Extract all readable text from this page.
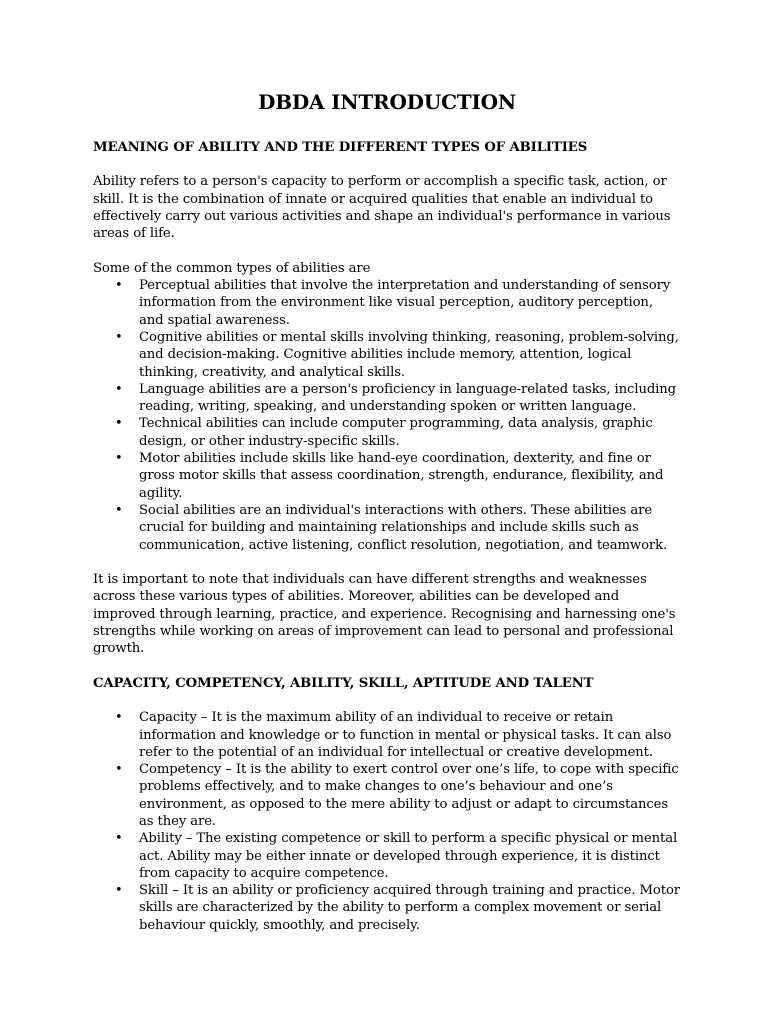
DBDA INTRODUCTION
MEANING OF ABILITY AND THE DIFFERENT TYPES OF ABILITIES

Ability refers to a person's capacity to perform or accomplish a specific task, action, or skill. It is the combination of innate or acquired qualities that enable an individual to effectively carry out various activities and shape an individual's performance in various areas of life.

Some of the common types of abilities are

• Perceptual abilities that involve the interpretation and understanding of sensory information from the environment like visual perception, auditory perception, and spatial awareness.
• Cognitive abilities or mental skills involving thinking, reasoning, problem-solving, and decision-making. Cognitive abilities include memory, attention, logical thinking, creativity, and analytical skills.
• Language abilities are a person's proficiency in language-related tasks, including reading, writing, speaking, and understanding spoken or written language.
• Technical abilities can include computer programming, data analysis, graphic design, or other industry-specific skills.
• Motor abilities include skills like hand-eye coordination, dexterity, and fine or gross motor skills that assess coordination, strength, endurance, flexibility, and agility.
• Social abilities are an individual's interactions with others. These abilities are crucial for building and maintaining relationships and include skills such as communication, active listening, conflict resolution, negotiation, and teamwork.

It is important to note that individuals can have different strengths and weaknesses across these various types of abilities. Moreover, abilities can be developed and improved through learning, practice, and experience. Recognising and harnessing one's strengths while working on areas of improvement can lead to personal and professional growth.

CAPACITY, COMPETENCY, ABILITY, SKILL, APTITUDE AND TALENT
• Capacity – It is the maximum ability of an individual to receive or retain information and knowledge or to function in mental or physical tasks. It can also refer to the potential of an individual for intellectual or creative development.
• Competency – It is the ability to exert control over one’s life, to cope with specific problems effectively, and to make changes to one’s behaviour and one’s environment, as opposed to the mere ability to adjust or adapt to circumstances as they are.
• Ability – The existing competence or skill to perform a specific physical or mental act. Ability may be either innate or developed through experience, it is distinct from capacity to acquire competence.
• Skill – It is an ability or proficiency acquired through training and practice. Motor skills are characterized by the ability to perform a complex movement or serial behaviour quickly, smoothly, and precisely.
